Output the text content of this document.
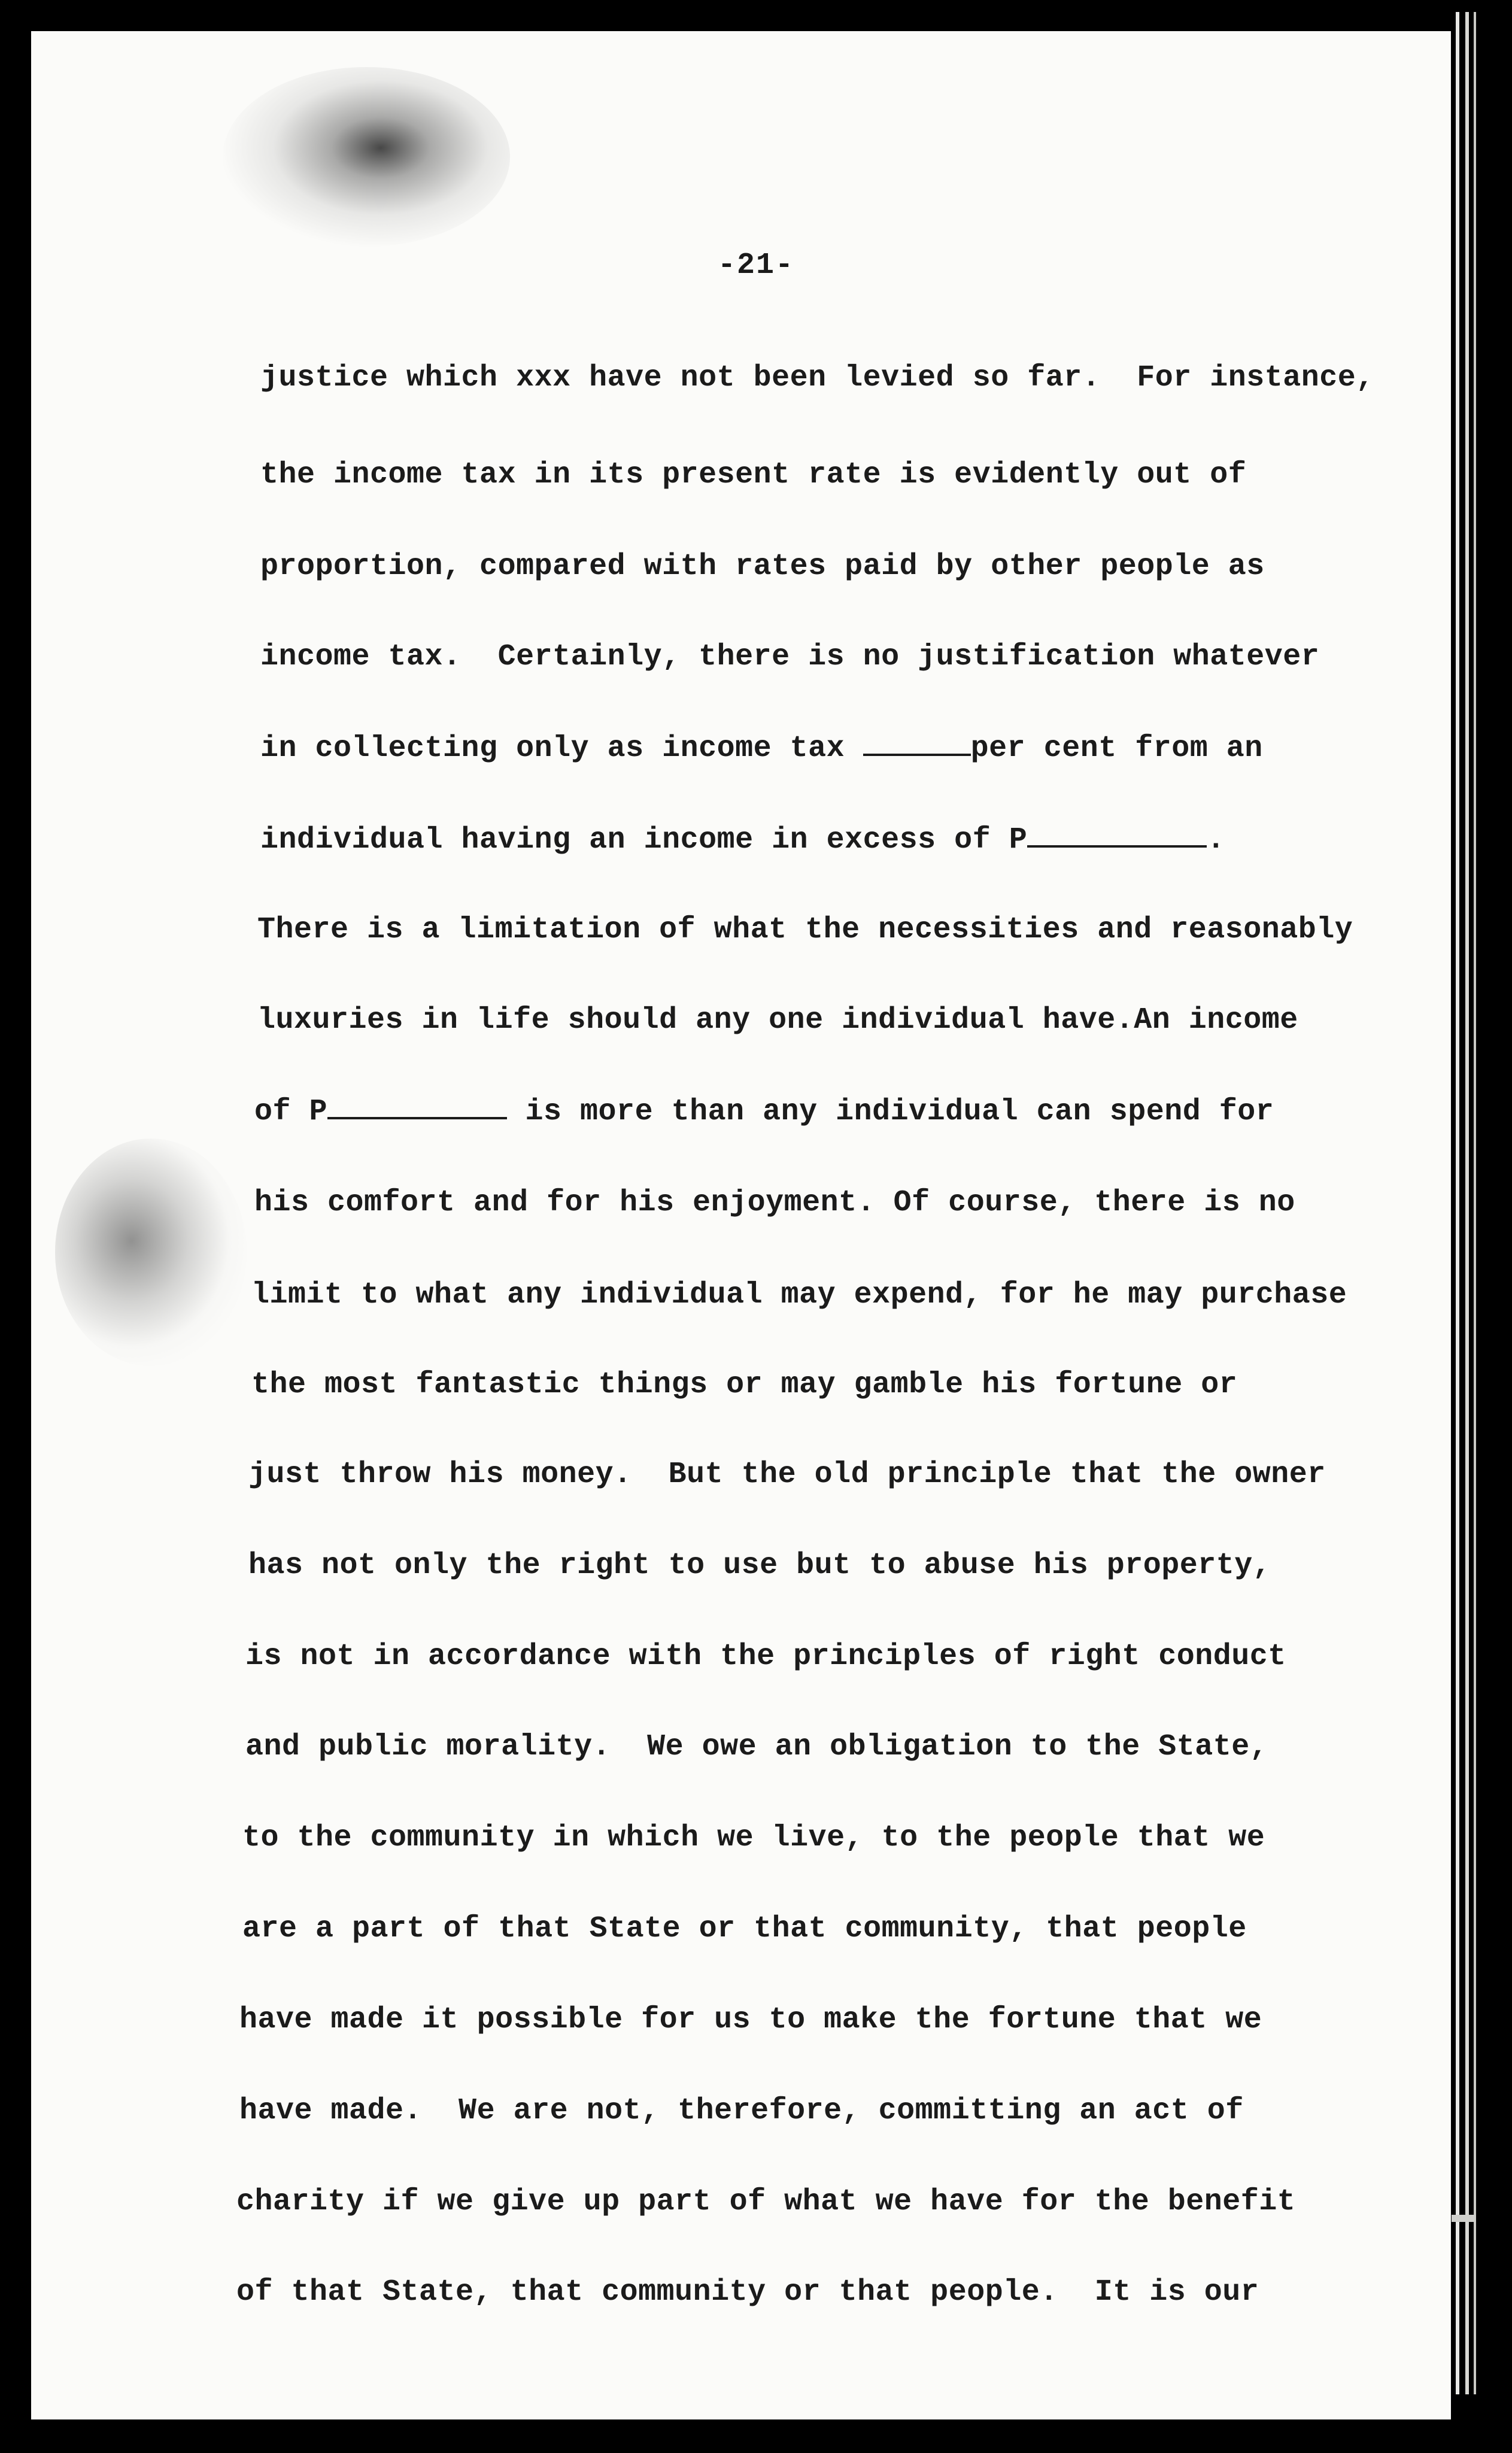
-21-
justice which xxx have not been levied so far.  For instance,
the income tax in its present rate is evidently out of
proportion, compared with rates paid by other people as
income tax.  Certainly, there is no justification whatever
in collecting only as income tax	per cent from an
individual having an income in excess of P	.
There is a limitation of what the necessities and reasonably
luxuries in life should any one individual have.An income
of P	is more than any individual can spend for
his comfort and for his enjoyment. Of course, there is no
limit to what any individual may expend, for he may purchase
the most fantastic things or may gamble his fortune or
just throw his money.  But the old principle that the owner
has not only the right to use but to abuse his property,
is not in accordance with the principles of right conduct
and public morality.  We owe an obligation to the State,
to the community in which we live, to the people that we
are a part of that State or that community, that people
have made it possible for us to make the fortune that we
have made.  We are not, therefore, committing an act of
charity if we give up part of what we have for the benefit
of that State, that community or that people.  It is our
